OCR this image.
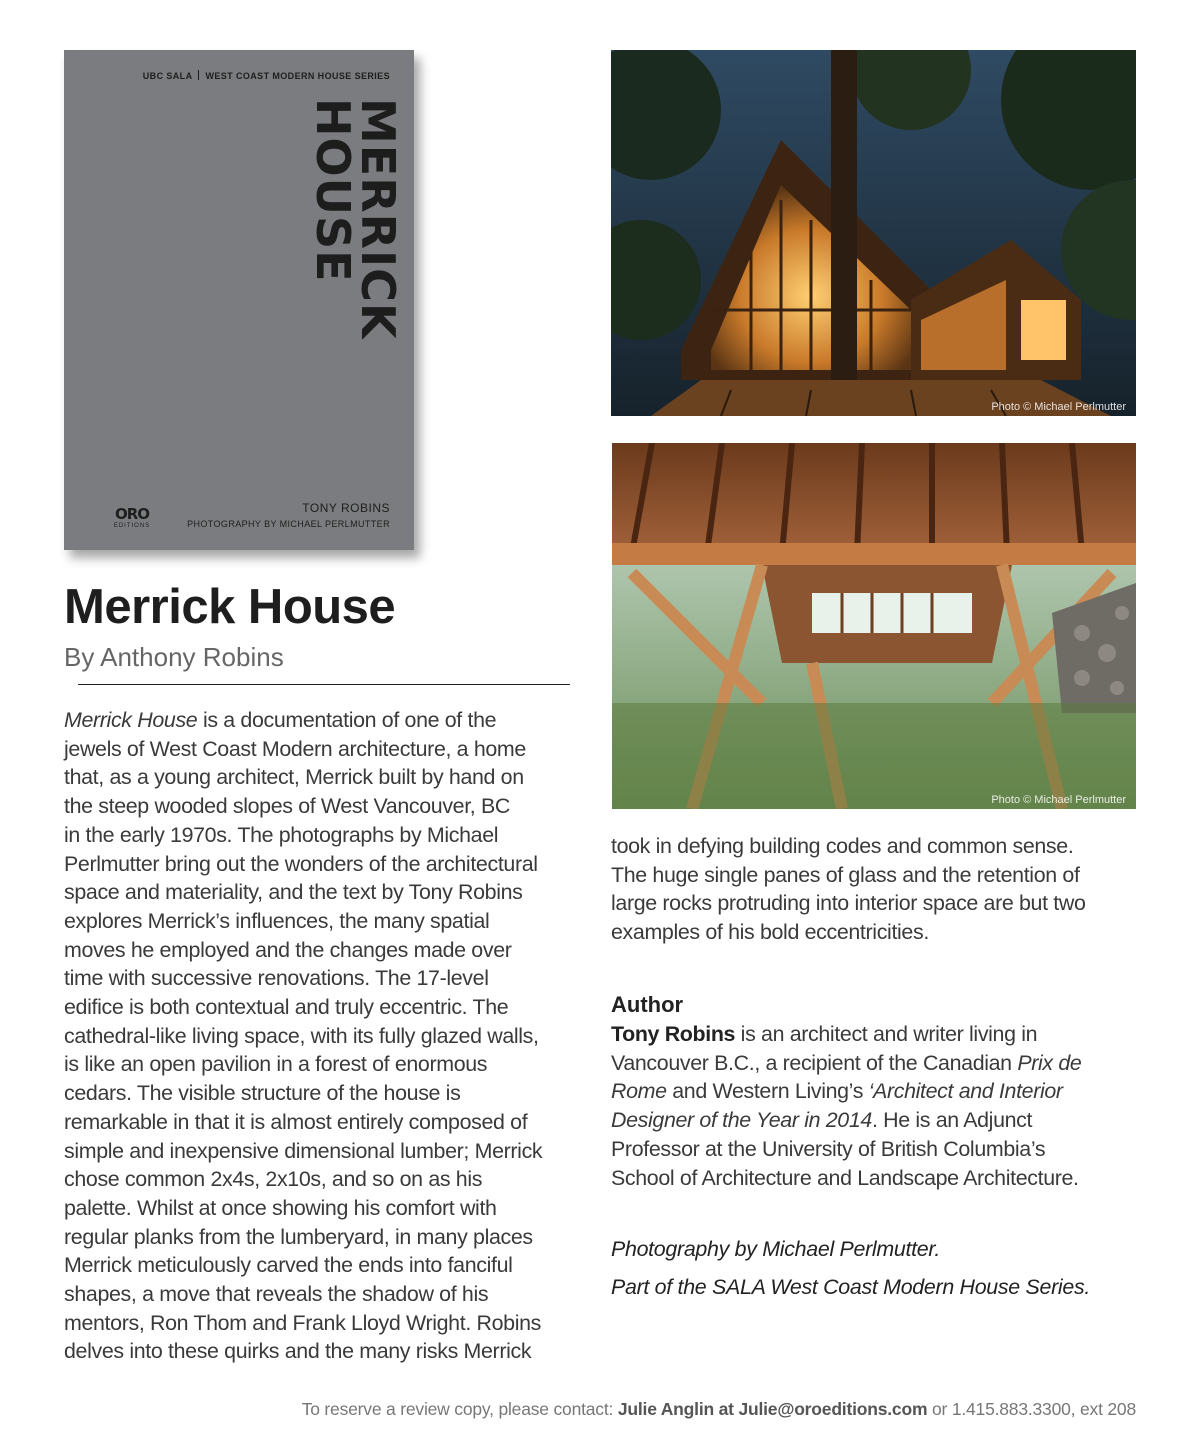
UBC SALA WEST COAST MODERN HOUSE SERIES
MERRICK HOUSE
ORO
EDITIONS
TONY ROBINS
PHOTOGRAPHY BY MICHAEL PERLMUTTER
Merrick House
By Anthony Robins
Merrick House is a documentation of one of the
jewels of West Coast Modern architecture, a home
that, as a young architect, Merrick built by hand on
the steep wooded slopes of West Vancouver, BC
in the early 1970s. The photographs by Michael
Perlmutter bring out the wonders of the architectural
space and materiality, and the text by Tony Robins
explores Merrick’s influences, the many spatial
moves he employed and the changes made over
time with successive renovations. The 17-level
edifice is both contextual and truly eccentric. The
cathedral-like living space, with its fully glazed walls,
is like an open pavilion in a forest of enormous
cedars. The visible structure of the house is
remarkable in that it is almost entirely composed of
simple and inexpensive dimensional lumber; Merrick
chose common 2x4s, 2x10s, and so on as his
palette. Whilst at once showing his comfort with
regular planks from the lumberyard, in many places
Merrick meticulously carved the ends into fanciful
shapes, a move that reveals the shadow of his
mentors, Ron Thom and Frank Lloyd Wright. Robins
delves into these quirks and the many risks Merrick
Photo © Michael Perlmutter
Photo © Michael Perlmutter
took in defying building codes and common sense.
The huge single panes of glass and the retention of
large rocks protruding into interior space are but two
examples of his bold eccentricities.
Author
Tony Robins is an architect and writer living in
Vancouver B.C., a recipient of the Canadian Prix de
Rome and Western Living’s ‘Architect and Interior
Designer of the Year in 2014. He is an Adjunct
Professor at the University of British Columbia’s
School of Architecture and Landscape Architecture.
Photography by Michael Perlmutter.
Part of the SALA West Coast Modern House Series.
To reserve a review copy, please contact: Julie Anglin at Julie@oroeditions.com or 1.415.883.3300, ext 208
